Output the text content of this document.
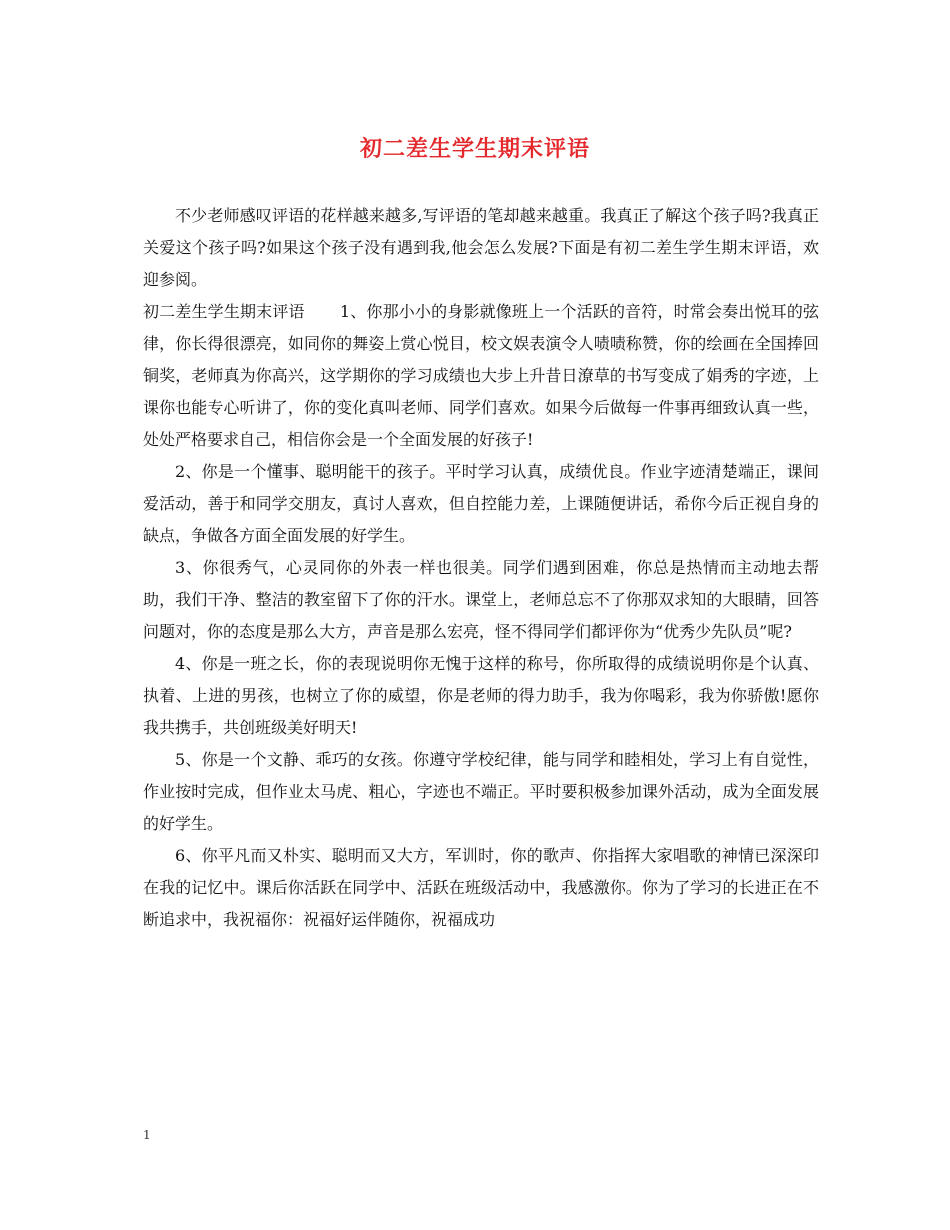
初二差生学生期末评语

不少老师感叹评语的花样越来越多,写评语的笔却越来越重。我真正了解这个孩子吗?我真正关爱这个孩子吗?如果这个孩子没有遇到我,他会怎么发展?下面是有初二差生学生期末评语，欢迎参阅。

初二差生学生期末评语 1、你那小小的身影就像班上一个活跃的音符，时常会奏出悦耳的弦律，你长得很漂亮，如同你的舞姿上赏心悦目，校文娱表演令人啧啧称赞，你的绘画在全国捧回铜奖，老师真为你高兴，这学期你的学习成绩也大步上升昔日潦草的书写变成了娟秀的字迹，上课你也能专心听讲了，你的变化真叫老师、同学们喜欢。如果今后做每一件事再细致认真一些，处处严格要求自己，相信你会是一个全面发展的好孩子!

2、你是一个懂事、聪明能干的孩子。平时学习认真，成绩优良。作业字迹清楚端正，课间爱活动，善于和同学交朋友，真讨人喜欢，但自控能力差，上课随便讲话，希你今后正视自身的缺点，争做各方面全面发展的好学生。

3、你很秀气，心灵同你的外表一样也很美。同学们遇到困难，你总是热情而主动地去帮助，我们干净、整洁的教室留下了你的汗水。课堂上，老师总忘不了你那双求知的大眼睛，回答问题对，你的态度是那么大方，声音是那么宏亮，怪不得同学们都评你为“优秀少先队员”呢?

4、你是一班之长，你的表现说明你无愧于这样的称号，你所取得的成绩说明你是个认真、执着、上进的男孩，也树立了你的威望，你是老师的得力助手，我为你喝彩，我为你骄傲!愿你我共携手，共创班级美好明天!

5、你是一个文静、乖巧的女孩。你遵守学校纪律，能与同学和睦相处，学习上有自觉性，作业按时完成，但作业太马虎、粗心，字迹也不端正。平时要积极参加课外活动，成为全面发展的好学生。

6、你平凡而又朴实、聪明而又大方，军训时，你的歌声、你指挥大家唱歌的神情已深深印在我的记忆中。课后你活跃在同学中、活跃在班级活动中，我感激你。你为了学习的长进正在不断追求中，我祝福你：祝福好运伴随你，祝福成功

1
